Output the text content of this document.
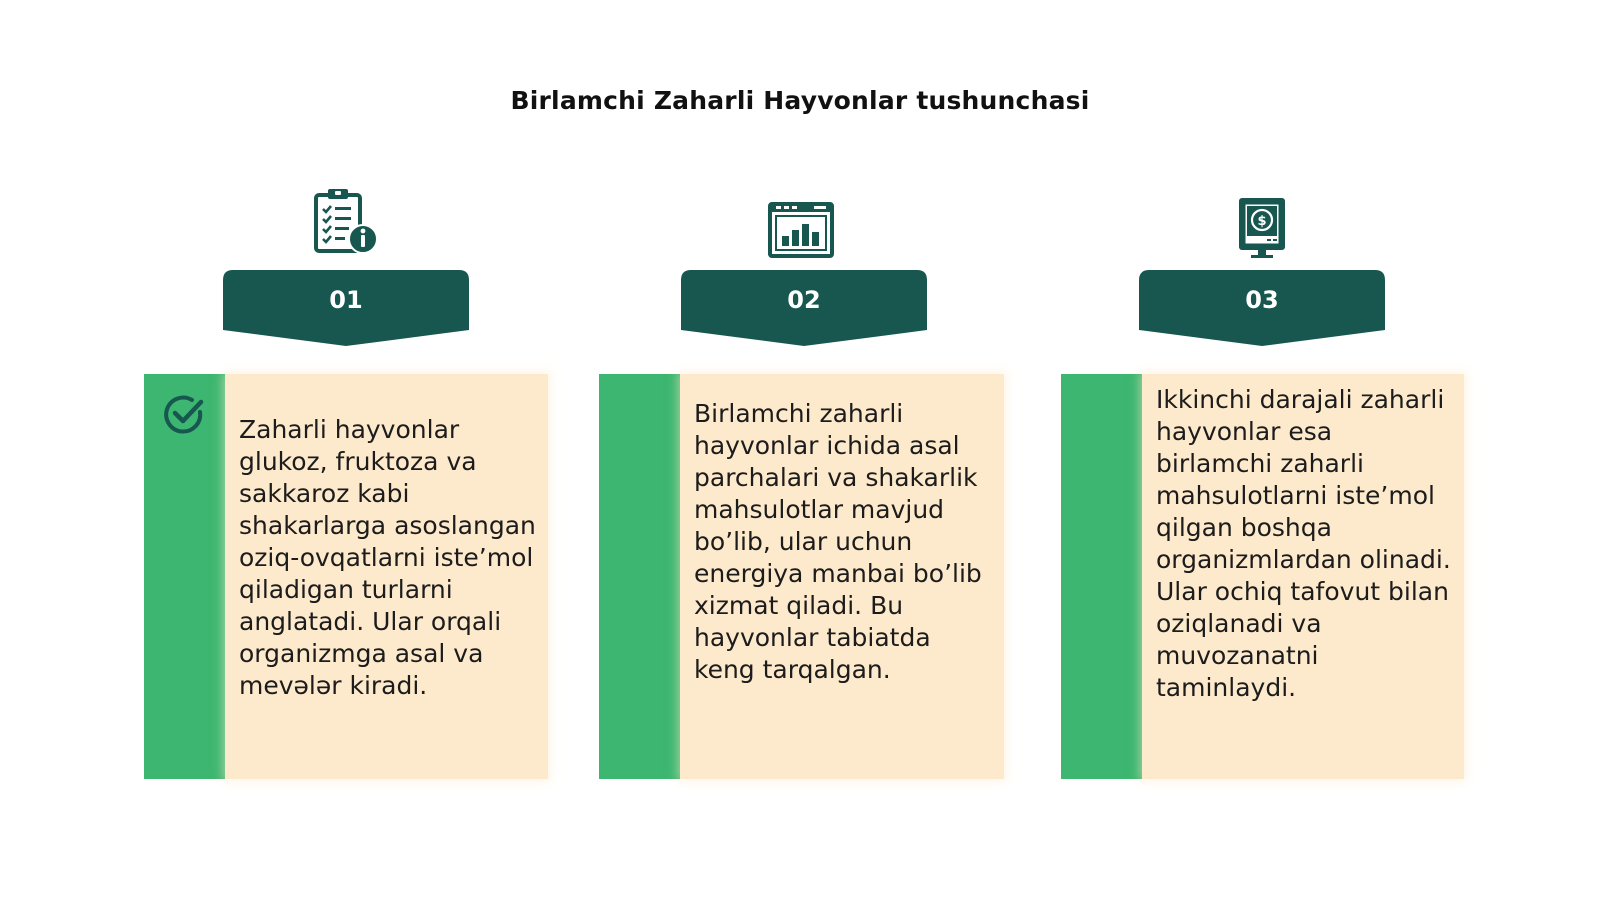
Birlamchi Zaharli Hayvonlar tushunchasi
01

Zaharli hayvonlar glukoz, fruktoza va sakkaroz kabi shakarlarga asoslangan oziq-ovqatlarni iste’mol qiladigan turlarni anglatadi. Ular orqali organizmga asal va mevələr kiradi.

02

Birlamchi zaharli hayvonlar ichida asal parchalari va shakarlik mahsulotlar mavjud bo’lib, ular uchun energiya manbai bo’lib xizmat qiladi. Bu hayvonlar tabiatda keng tarqalgan.

$
03

Ikkinchi darajali zaharli hayvonlar esa birlamchi zaharli mahsulotlarni iste’mol qilgan boshqa organizmlardan olinadi. Ular ochiq tafovut bilan oziqlanadi va muvozanatni taminlaydi.
